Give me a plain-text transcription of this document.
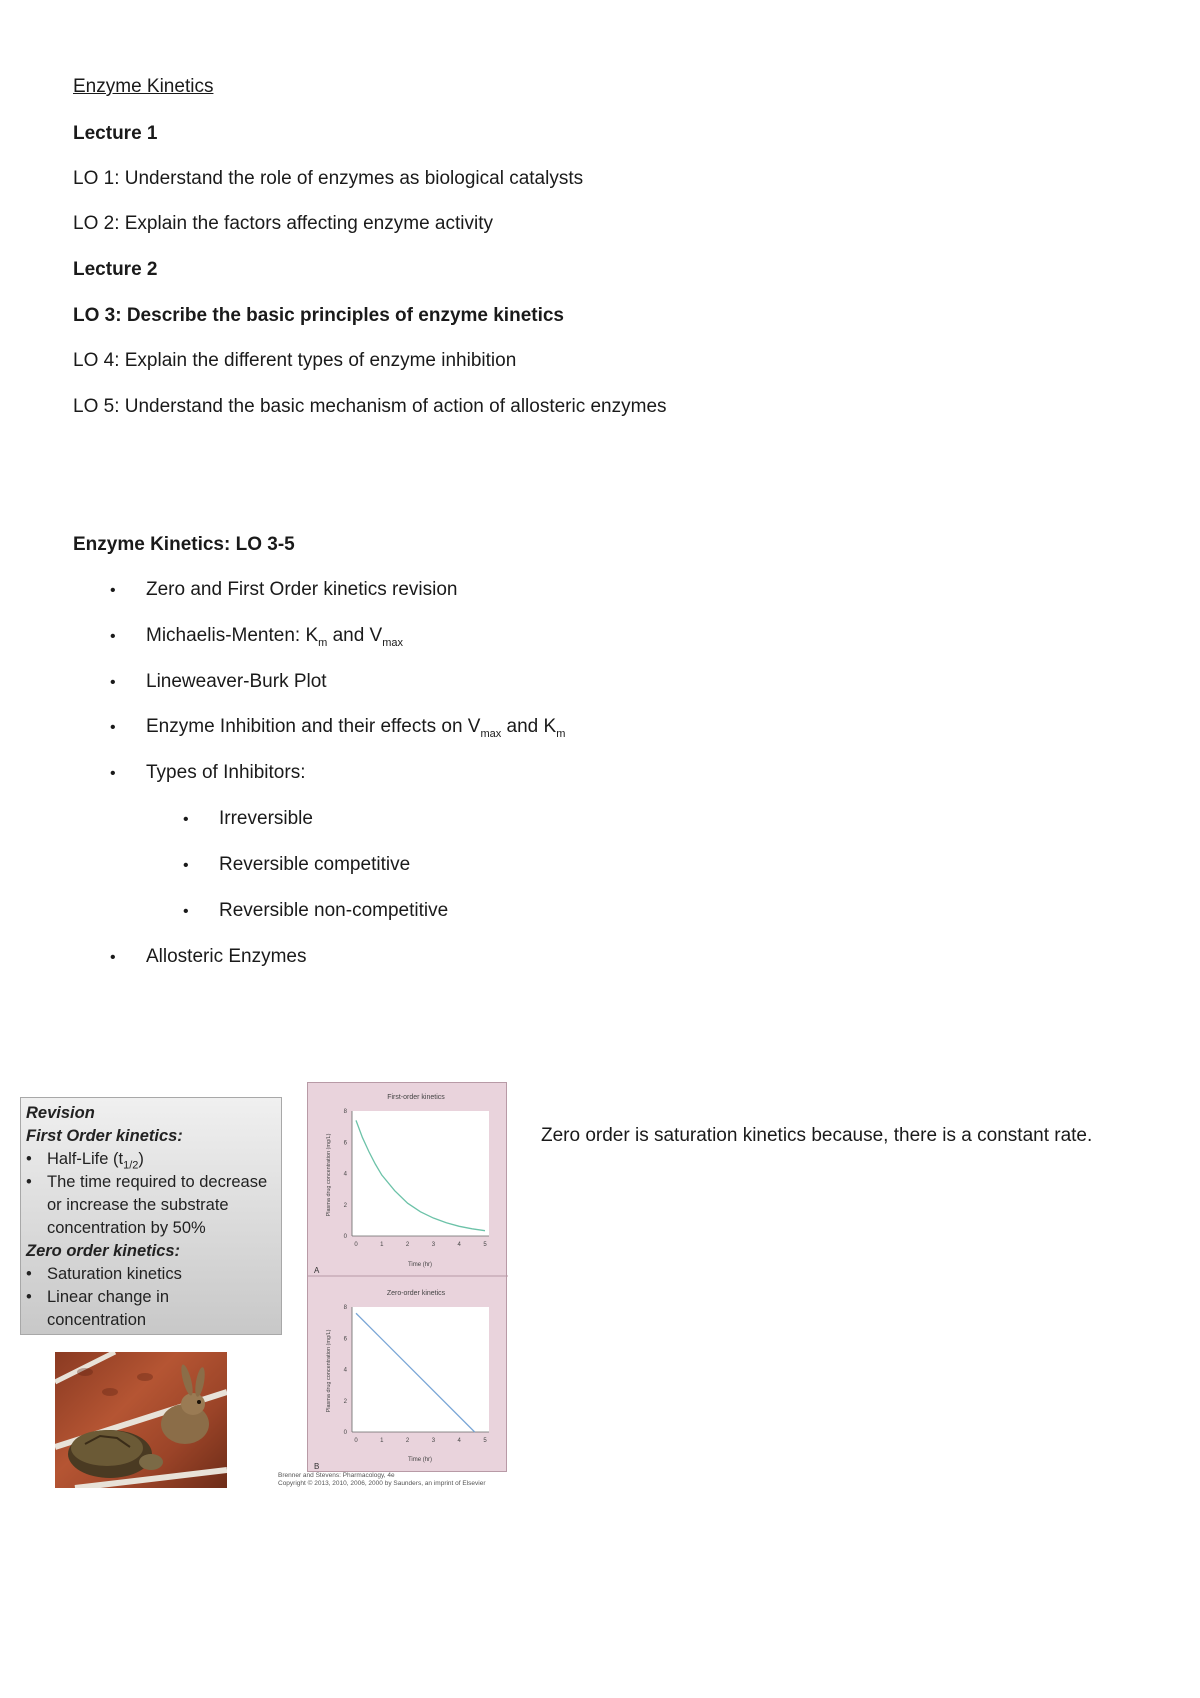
Enzyme Kinetics
Lecture 1
LO 1: Understand the role of enzymes as biological catalysts
LO 2: Explain the factors affecting enzyme activity
Lecture 2
LO 3: Describe the basic principles of enzyme kinetics
LO 4: Explain the different types of enzyme inhibition
LO 5: Understand the basic mechanism of action of allosteric enzymes
Enzyme Kinetics: LO 3-5
• Zero and First Order kinetics revision
• Michaelis-Menten: $K_m$ and $V_{max}$
• Lineweaver-Burk Plot
• Enzyme Inhibition and their effects on $V_{max}$ and $K_m$
• Types of Inhibitors:
• Irreversible
• Reversible competitive
• Reversible non-competitive
• Allosteric Enzymes
Revision
First Order kinetics:
• Half-Life $(t_{1/2})$
• The time required to decrease
or increase the substrate
concentration by 50%
Zero order kinetics:
• Saturation kinetics
• Linear change in
concentration
First-order kinetics
0	1	2	3	4	5
0
2
4
6
8
Time (hr)
Plasma drug concentration (mg/L)
A
Zero-order kinetics
0	1	2	3	4	5
0
2
4
6
8
Time (hr)
Plasma drug concentration (mg/L)
B
Brenner and Stevens: Pharmacology, 4e
Copyright © 2013, 2010, 2006, 2000 by Saunders, an imprint of Elsevier
Zero order is saturation kinetics because, there is a constant rate.
